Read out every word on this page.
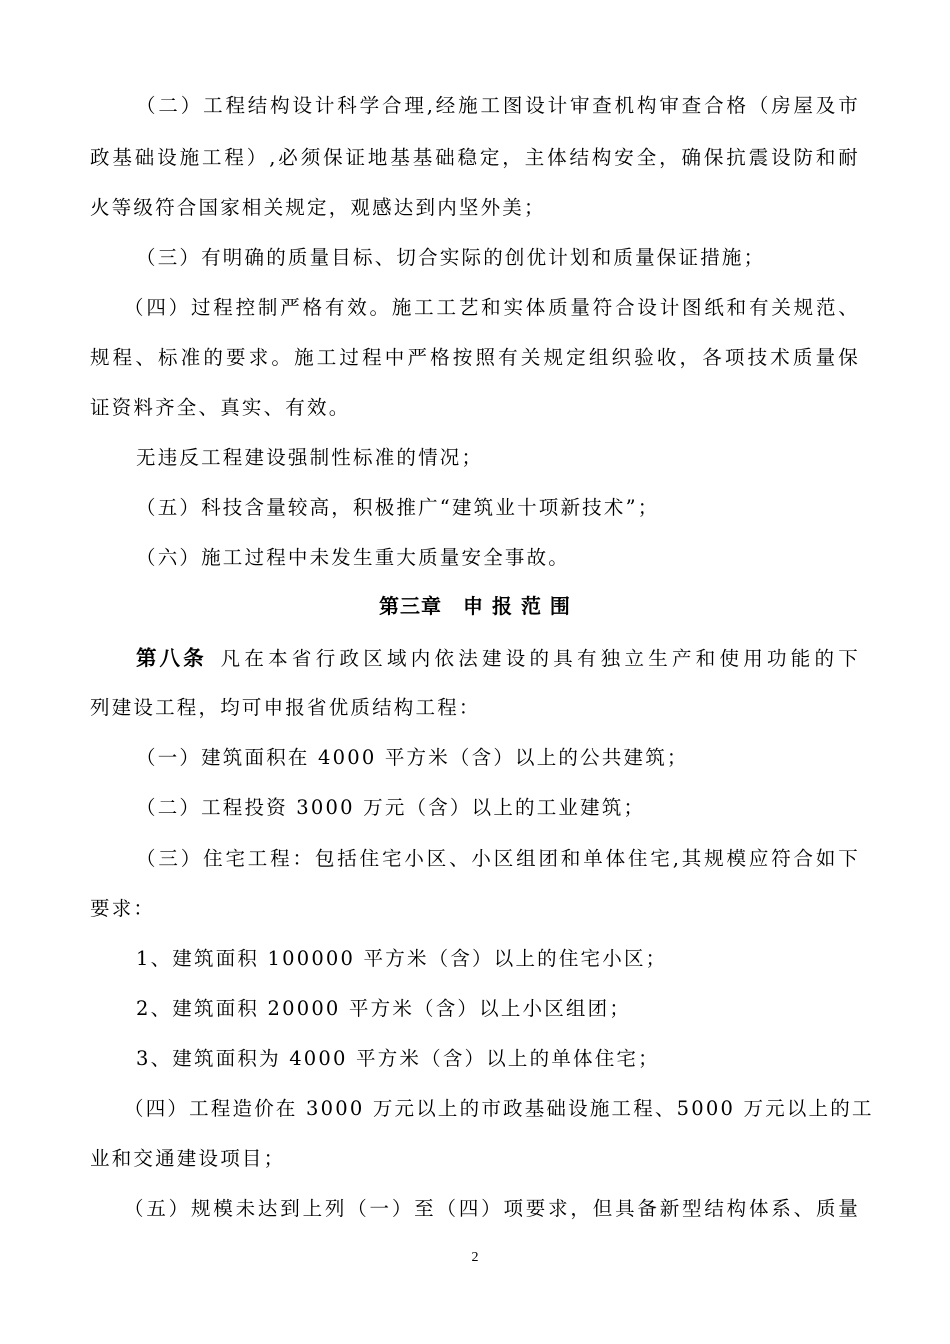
（二）工程结构设计科学合理,经施工图设计审查机构审查合格（房屋及市
政基础设施工程）,必须保证地基基础稳定，主体结构安全，确保抗震设防和耐
火等级符合国家相关规定，观感达到内坚外美；
（三）有明确的质量目标、切合实际的创优计划和质量保证措施；
（四）过程控制严格有效。施工工艺和实体质量符合设计图纸和有关规范、
规程、标准的要求。施工过程中严格按照有关规定组织验收，各项技术质量保
证资料齐全、真实、有效。
无违反工程建设强制性标准的情况；
（五）科技含量较高，积极推广“建筑业十项新技术”；
（六）施工过程中未发生重大质量安全事故。
第三章　申 报 范 围
第八条 凡在本省行政区域内依法建设的具有独立生产和使用功能的下
列建设工程，均可申报省优质结构工程：
（一）建筑面积在 4000 平方米（含）以上的公共建筑；
（二）工程投资 3000 万元（含）以上的工业建筑；
（三）住宅工程：包括住宅小区、小区组团和单体住宅,其规模应符合如下
要求：
1、建筑面积 100000 平方米（含）以上的住宅小区；
2、建筑面积 20000 平方米（含）以上小区组团；
3、建筑面积为 4000 平方米（含）以上的单体住宅；
（四）工程造价在 3000 万元以上的市政基础设施工程、5000 万元以上的工
业和交通建设项目；
（五）规模未达到上列（一）至（四）项要求，但具备新型结构体系、质量
2
